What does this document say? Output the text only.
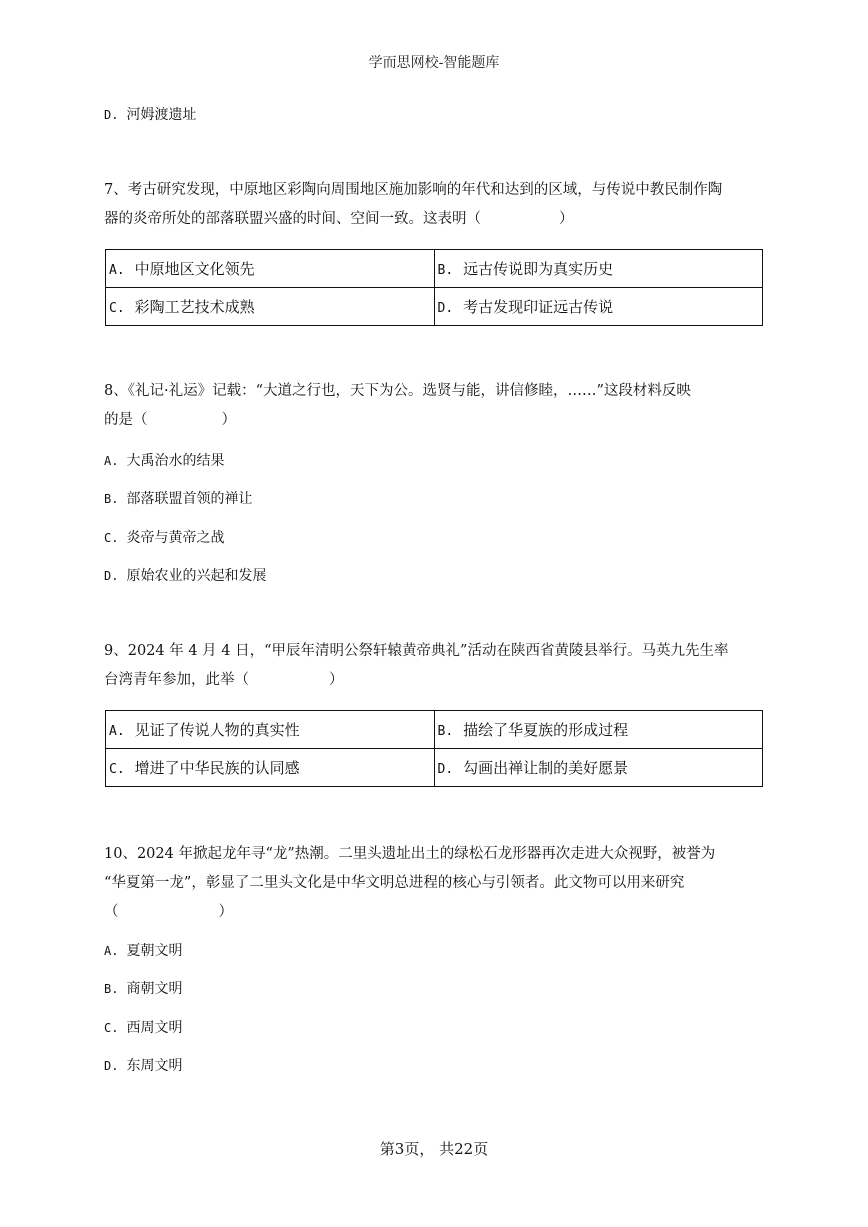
学而思网校-智能题库
D. 河姆渡遗址
7、考古研究发现，中原地区彩陶向周围地区施加影响的年代和达到的区域，与传说中教民制作陶
器的炎帝所处的部落联盟兴盛的时间、空间一致。这表明（	）
A. 中原地区文化领先	B. 远古传说即为真实历史
C. 彩陶工艺技术成熟	D. 考古发现印证远古传说
8、《礼记·礼运》记载：“大道之行也，天下为公。选贤与能，讲信修睦，……”这段材料反映
的是（	）
A. 大禹治水的结果
B. 部落联盟首领的禅让
C. 炎帝与黄帝之战
D. 原始农业的兴起和发展
9、2024 年 4 月 4 日，“甲辰年清明公祭轩辕黄帝典礼”活动在陕西省黄陵县举行。马英九先生率
台湾青年参加，此举（	）
A. 见证了传说人物的真实性	B. 描绘了华夏族的形成过程
C. 增进了中华民族的认同感	D. 勾画出禅让制的美好愿景
10、2024 年掀起龙年寻“龙”热潮。二里头遗址出土的绿松石龙形器再次走进大众视野，被誉为
“华夏第一龙”，彰显了二里头文化是中华文明总进程的核心与引领者。此文物可以用来研究
（	）
A. 夏朝文明
B. 商朝文明
C. 西周文明
D. 东周文明
第3页， 共22页
